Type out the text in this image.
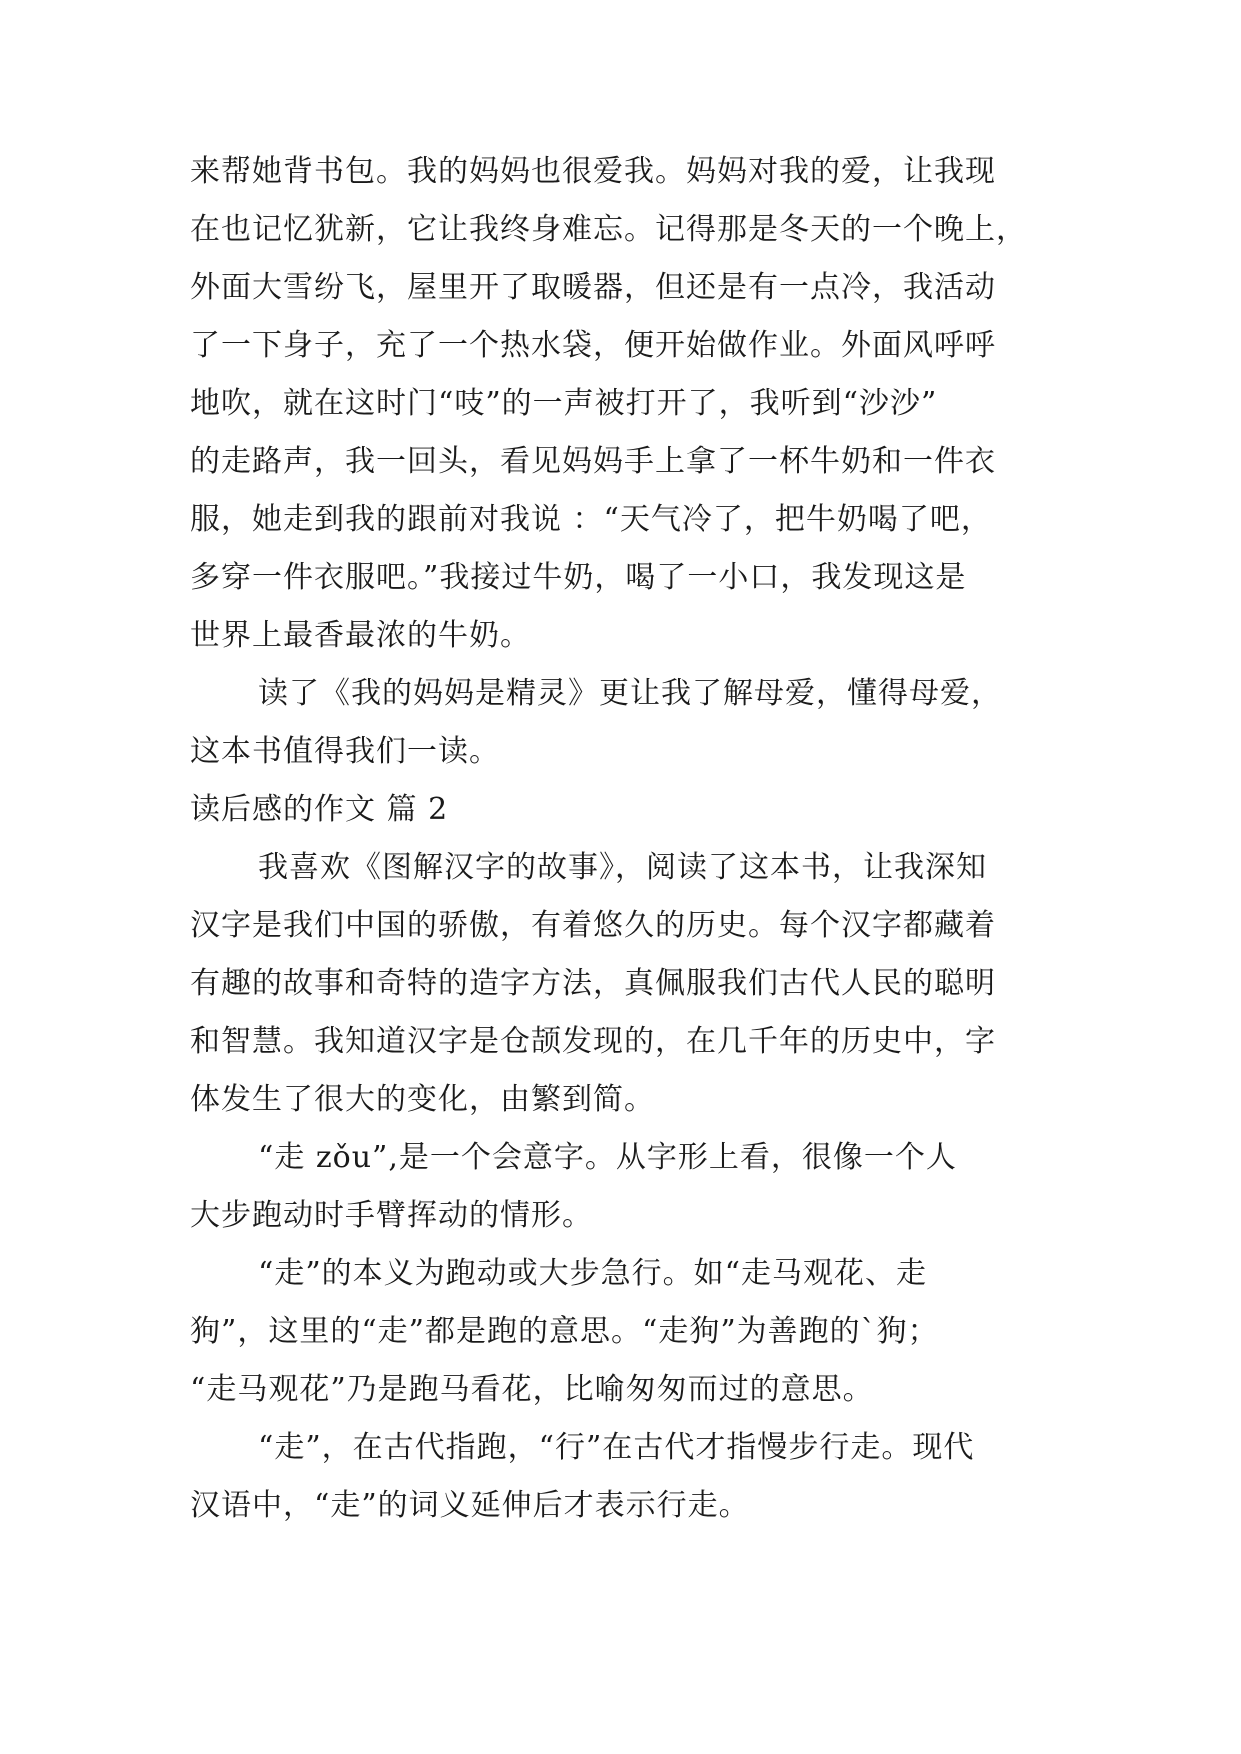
来帮她背书包。我的妈妈也很爱我。妈妈对我的爱，让我现
在也记忆犹新，它让我终身难忘。记得那是冬天的一个晚上，
外面大雪纷飞，屋里开了取暖器，但还是有一点冷，我活动
了一下身子，充了一个热水袋，便开始做作业。外面风呼呼
地吹，就在这时门“吱”的一声被打开了，我听到“沙沙”
的走路声，我一回头，看见妈妈手上拿了一杯牛奶和一件衣
服，她走到我的跟前对我说 ：“天气冷了，把牛奶喝了吧，
多穿一件衣服吧。”我接过牛奶，喝了一小口，我发现这是
世界上最香最浓的牛奶。
读了《我的妈妈是精灵》更让我了解母爱，懂得母爱，
这本书值得我们一读。
读后感的作文 篇 2
我喜欢《图解汉字的故事》，阅读了这本书，让我深知
汉字是我们中国的骄傲，有着悠久的历史。每个汉字都藏着
有趣的故事和奇特的造字方法，真佩服我们古代人民的聪明
和智慧。我知道汉字是仓颉发现的，在几千年的历史中，字
体发生了很大的变化，由繁到简。
“走 zǒu”,是一个会意字。从字形上看，很像一个人
大步跑动时手臂挥动的情形。
“走”的本义为跑动或大步急行。如“走马观花、走
狗”，这里的“走”都是跑的意思。“走狗”为善跑的`狗；
“走马观花”乃是跑马看花，比喻匆匆而过的意思。
“走”，在古代指跑，“行”在古代才指慢步行走。现代
汉语中，“走”的词义延伸后才表示行走。
